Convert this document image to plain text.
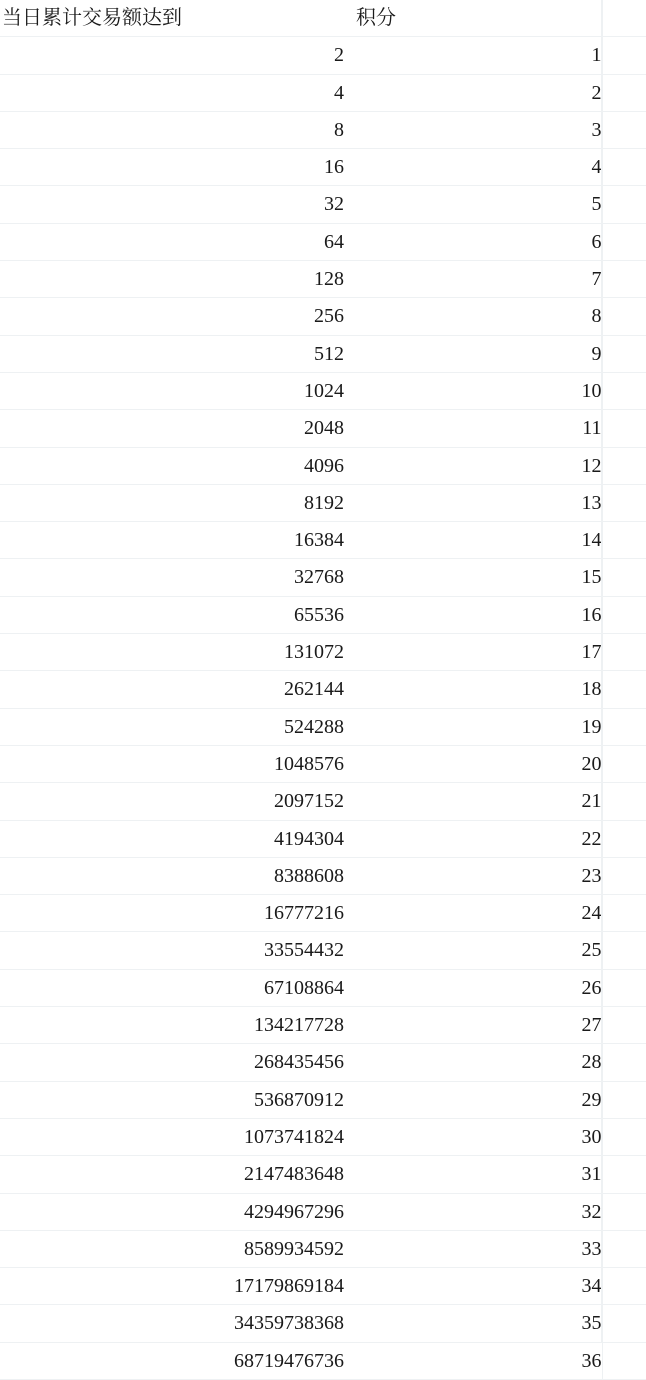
当日累计交易额达到	积分	
2	1	
4	2	
8	3	
16	4	
32	5	
64	6	
128	7	
256	8	
512	9	
1024	10	
2048	11	
4096	12	
8192	13	
16384	14	
32768	15	
65536	16	
131072	17	
262144	18	
524288	19	
1048576	20	
2097152	21	
4194304	22	
8388608	23	
16777216	24	
33554432	25	
67108864	26	
134217728	27	
268435456	28	
536870912	29	
1073741824	30	
2147483648	31	
4294967296	32	
8589934592	33	
17179869184	34	
34359738368	35	
68719476736	36	
